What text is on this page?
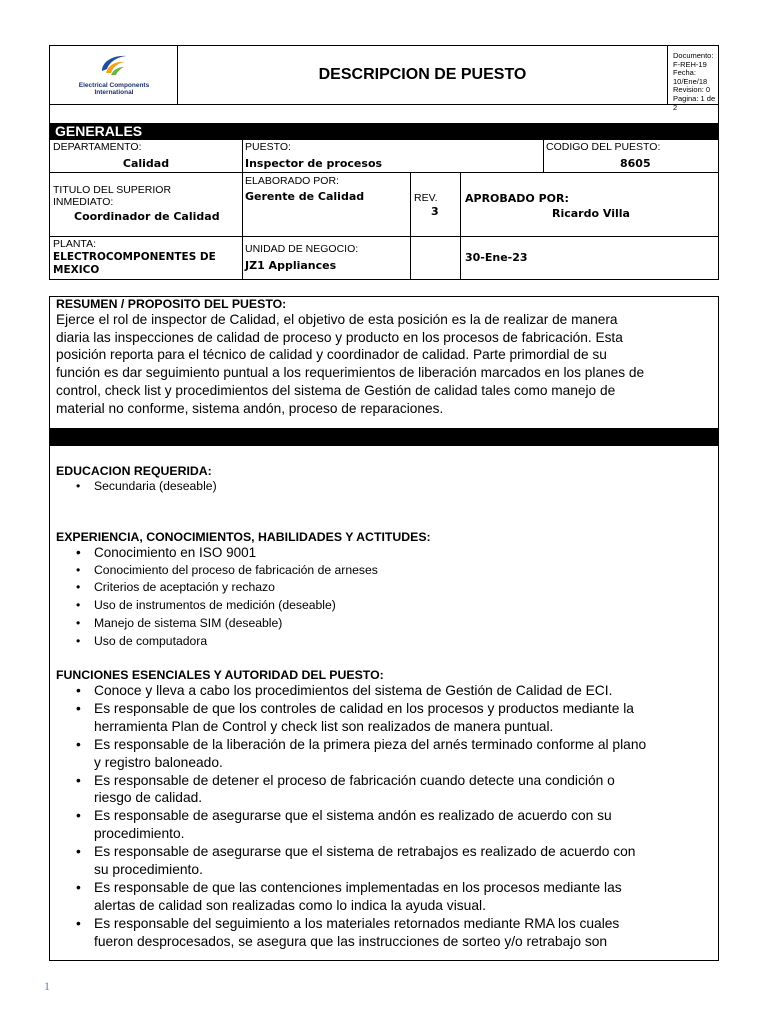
Electrical Components
International
DESCRIPCION DE PUESTO
Documento: F-REH-19
Fecha: 10/Ene/18
Revision: 0
Pagina: 1 de 2
GENERALES
DEPARTAMENTO:
Calidad
PUESTO:
Inspector de procesos
CODIGO DEL PUESTO:
8605
TITULO DEL SUPERIOR
INMEDIATO:
Coordinador de Calidad
ELABORADO POR:
Gerente de Calidad	REV.
3
APROBADO POR:
Ricardo Villa
PLANTA:
ELECTROCOMPONENTES DE
MEXICO
UNIDAD DE NEGOCIO:
JZ1 Appliances
30-Ene-23
RESUMEN / PROPOSITO DEL PUESTO:
Ejerce el rol de inspector de Calidad, el objetivo de esta posición es la de realizar de manera
diaria las inspecciones de calidad de proceso y producto en los procesos de fabricación. Esta
posición reporta para el técnico de calidad y coordinador de calidad. Parte primordial de su
función es dar seguimiento puntual a los requerimientos de liberación marcados en los planes de
control, check list y procedimientos del sistema de Gestión de calidad tales como manejo de
material no conforme, sistema andón, proceso de reparaciones.
EDUCACION REQUERIDA:
• Secundaria (deseable)
EXPERIENCIA, CONOCIMIENTOS, HABILIDADES Y ACTITUDES:
• Conocimiento en ISO 9001
• Conocimiento del proceso de fabricación de arneses
• Criterios de aceptación y rechazo
• Uso de instrumentos de medición (deseable)
• Manejo de sistema SIM (deseable)
• Uso de computadora
FUNCIONES ESENCIALES Y AUTORIDAD DEL PUESTO:
• Conoce y lleva a cabo los procedimientos del sistema de Gestión de Calidad de ECI.
• Es responsable de que los controles de calidad en los procesos y productos mediante la
herramienta Plan de Control y check list son realizados de manera puntual.
• Es responsable de la liberación de la primera pieza del arnés terminado conforme al plano
y registro baloneado.
• Es responsable de detener el proceso de fabricación cuando detecte una condición o
riesgo de calidad.
• Es responsable de asegurarse que el sistema andón es realizado de acuerdo con su
procedimiento.
• Es responsable de asegurarse que el sistema de retrabajos es realizado de acuerdo con
su procedimiento.
• Es responsable de que las contenciones implementadas en los procesos mediante las
alertas de calidad son realizadas como lo indica la ayuda visual.
• Es responsable del seguimiento a los materiales retornados mediante RMA los cuales
fueron desprocesados, se asegura que las instrucciones de sorteo y/o retrabajo son
1
